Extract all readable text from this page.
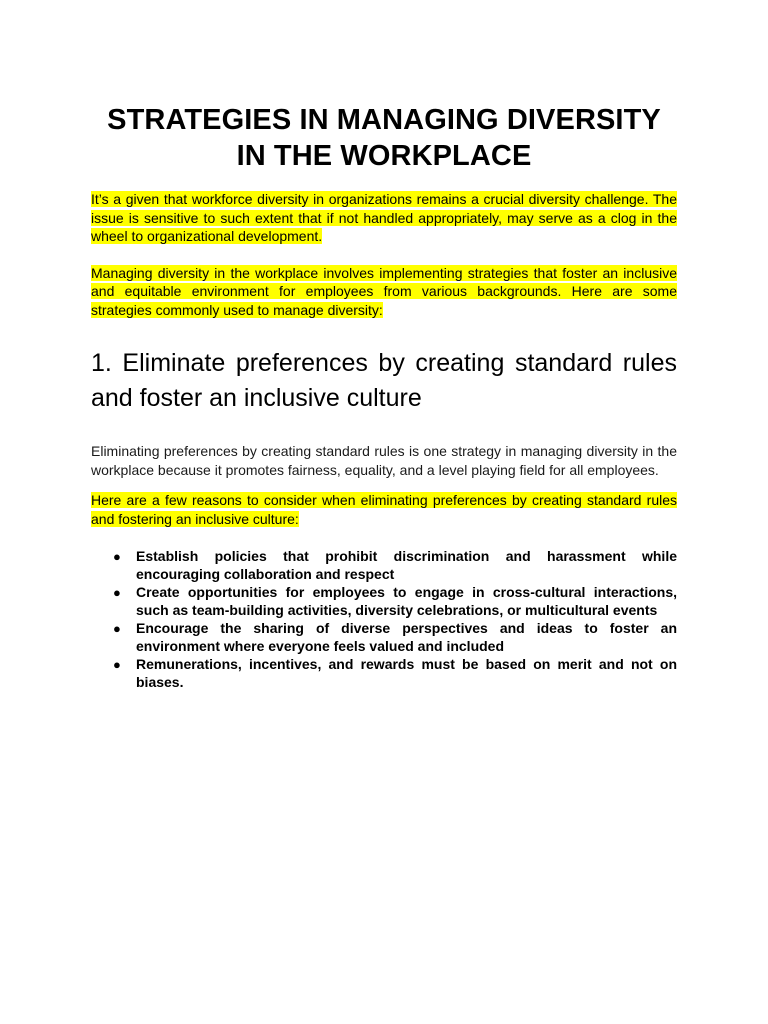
STRATEGIES IN MANAGING DIVERSITY
IN THE WORKPLACE

It’s a given that workforce diversity in organizations remains a crucial diversity challenge. The issue is sensitive to such extent that if not handled appropriately, may serve as a clog in the wheel to organizational development.

Managing diversity in the workplace involves implementing strategies that foster an inclusive and equitable environment for employees from various backgrounds. Here are some strategies commonly used to manage diversity:

1. Eliminate preferences by creating standard rules and foster an inclusive culture

Eliminating preferences by creating standard rules is one strategy in managing diversity in the workplace because it promotes fairness, equality, and a level playing field for all employees.

Here are a few reasons to consider when eliminating preferences by creating standard rules and fostering an inclusive culture:

● Establish policies that prohibit discrimination and harassment while encouraging collaboration and respect
● Create opportunities for employees to engage in cross-cultural interactions, such as team-building activities, diversity celebrations, or multicultural events
● Encourage the sharing of diverse perspectives and ideas to foster an environment where everyone feels valued and included
● Remunerations, incentives, and rewards must be based on merit and not on biases.
